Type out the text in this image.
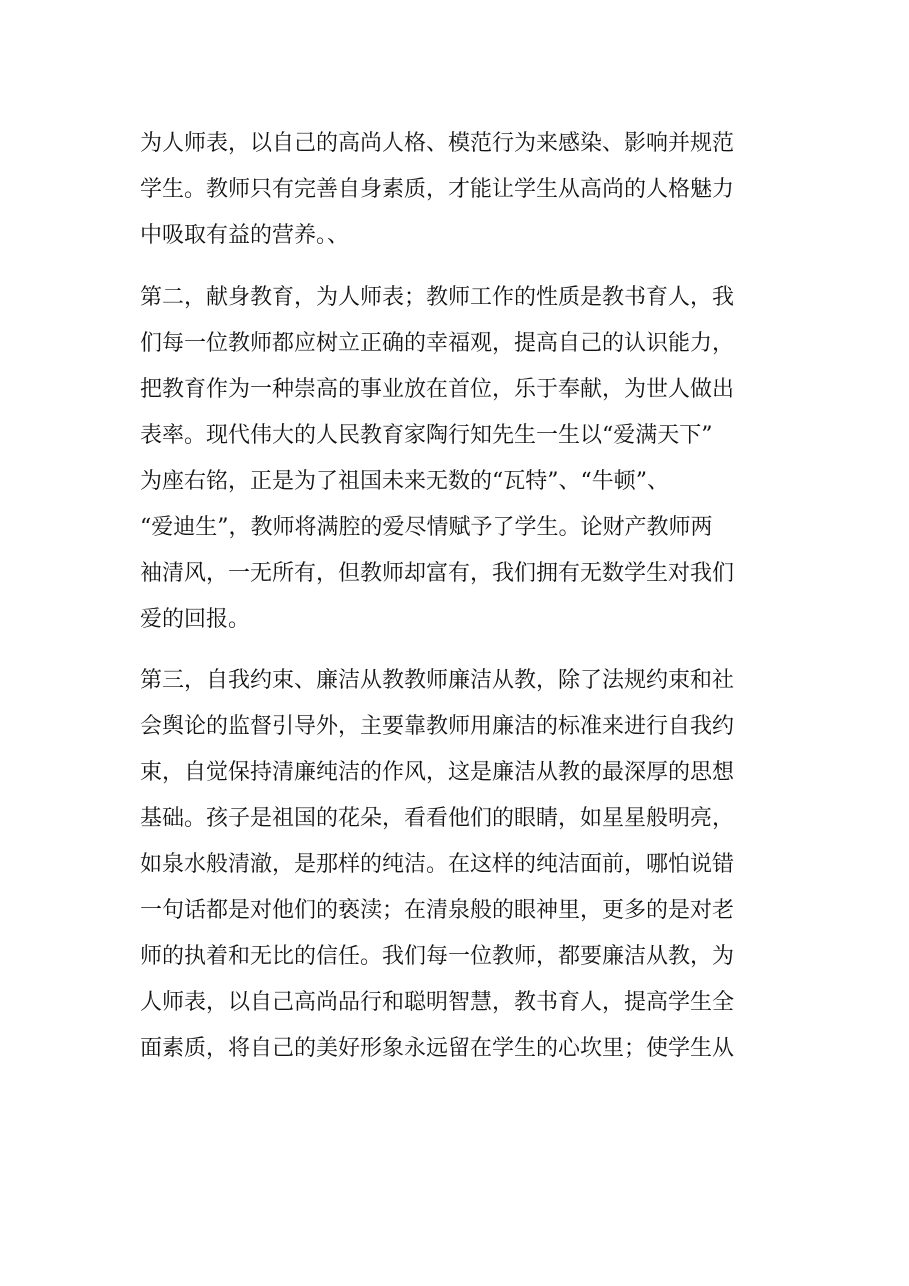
为人师表，以自己的高尚人格、模范行为来感染、影响并规范
学生。教师只有完善自身素质，才能让学生从高尚的人格魅力
中吸取有益的营养。、
第二，献身教育，为人师表；教师工作的性质是教书育人，我
们每一位教师都应树立正确的幸福观，提高自己的认识能力，
把教育作为一种崇高的事业放在首位，乐于奉献，为世人做出
表率。现代伟大的人民教育家陶行知先生一生以“爱满天下”
为座右铭，正是为了祖国未来无数的“瓦特”、“牛顿”、
“爱迪生”，教师将满腔的爱尽情赋予了学生。论财产教师两
袖清风，一无所有，但教师却富有，我们拥有无数学生对我们
爱的回报。
第三，自我约束、廉洁从教教师廉洁从教，除了法规约束和社
会舆论的监督引导外，主要靠教师用廉洁的标准来进行自我约
束，自觉保持清廉纯洁的作风，这是廉洁从教的最深厚的思想
基础。孩子是祖国的花朵，看看他们的眼睛，如星星般明亮，
如泉水般清澈，是那样的纯洁。在这样的纯洁面前，哪怕说错
一句话都是对他们的亵渎；在清泉般的眼神里，更多的是对老
师的执着和无比的信任。我们每一位教师，都要廉洁从教，为
人师表，以自己高尚品行和聪明智慧，教书育人，提高学生全
面素质，将自己的美好形象永远留在学生的心坎里；使学生从
